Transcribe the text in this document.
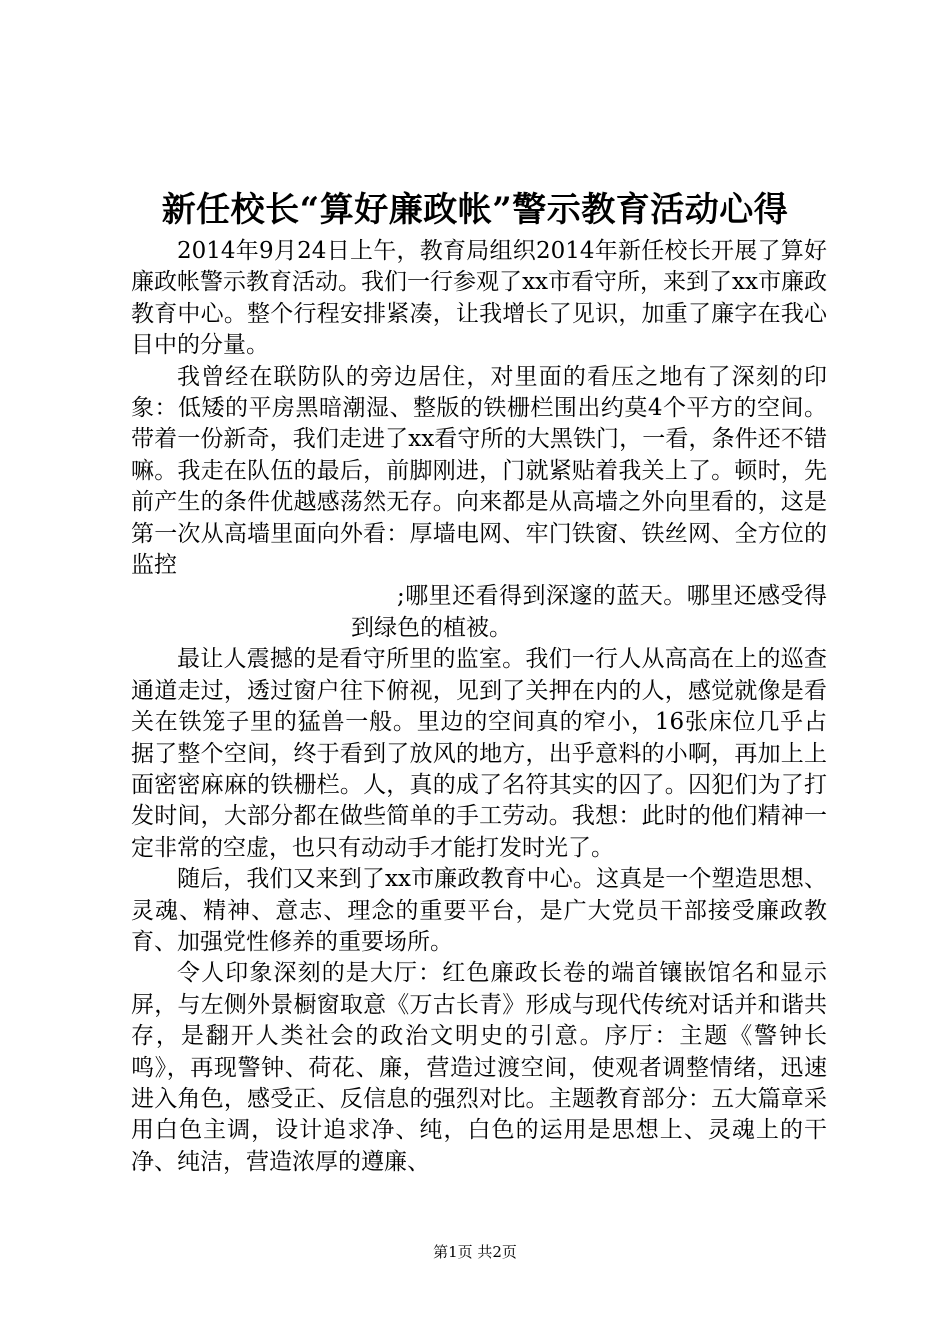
新任校长“算好廉政帐”警示教育活动心得

2014年9月24日上午，教育局组织2014年新任校长开展了算好廉政帐警示教育活动。我们一行参观了xx市看守所，来到了xx市廉政教育中心。整个行程安排紧凑，让我增长了见识，加重了廉字在我心目中的分量。

我曾经在联防队的旁边居住，对里面的看压之地有了深刻的印象：低矮的平房黑暗潮湿、整版的铁栅栏围出约莫4个平方的空间。带着一份新奇，我们走进了xx看守所的大黑铁门，一看，条件还不错嘛。我走在队伍的最后，前脚刚进，门就紧贴着我关上了。顿时，先前产生的条件优越感荡然无存。向来都是从高墙之外向里看的，这是第一次从高墙里面向外看：厚墙电网、牢门铁窗、铁丝网、全方位的监控
;哪里还看得到深邃的蓝天。哪里还感受得到绿色的植被。

最让人震撼的是看守所里的监室。我们一行人从高高在上的巡查通道走过，透过窗户往下俯视，见到了关押在内的人，感觉就像是看关在铁笼子里的猛兽一般。里边的空间真的窄小，16张床位几乎占据了整个空间，终于看到了放风的地方，出乎意料的小啊，再加上上面密密麻麻的铁栅栏。人，真的成了名符其实的囚了。囚犯们为了打发时间，大部分都在做些简单的手工劳动。我想：此时的他们精神一定非常的空虚，也只有动动手才能打发时光了。

随后，我们又来到了xx市廉政教育中心。这真是一个塑造思想、灵魂、精神、意志、理念的重要平台，是广大党员干部接受廉政教育、加强党性修养的重要场所。

令人印象深刻的是大厅：红色廉政长卷的端首镶嵌馆名和显示屏，与左侧外景橱窗取意《万古长青》形成与现代传统对话并和谐共存，是翻开人类社会的政治文明史的引意。序厅：主题《警钟长鸣》，再现警钟、荷花、廉，营造过渡空间，使观者调整情绪，迅速进入角色，感受正、反信息的强烈对比。主题教育部分：五大篇章采用白色主调，设计追求净、纯，白色的运用是思想上、灵魂上的干净、纯洁，营造浓厚的遵廉、

第1页 共2页
